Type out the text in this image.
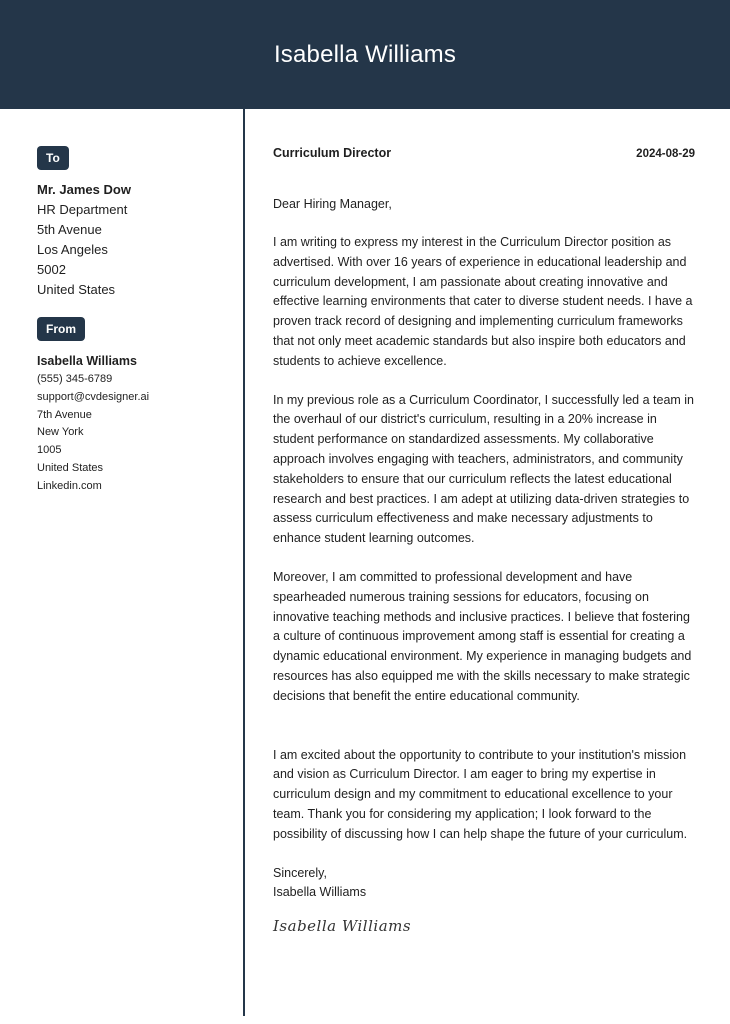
Isabella Williams
To
Mr. James Dow
HR Department
5th Avenue
Los Angeles
5002
United States
From
Isabella Williams
(555) 345-6789
support@cvdesigner.ai
7th Avenue
New York
1005
United States
Linkedin.com
Curriculum Director	2024-08-29
Dear Hiring Manager,

I am writing to express my interest in the Curriculum Director position as advertised. With over 16 years of experience in educational leadership and curriculum development, I am passionate about creating innovative and effective learning environments that cater to diverse student needs. I have a proven track record of designing and implementing curriculum frameworks that not only meet academic standards but also inspire both educators and students to achieve excellence.

In my previous role as a Curriculum Coordinator, I successfully led a team in the overhaul of our district's curriculum, resulting in a 20% increase in student performance on standardized assessments. My collaborative approach involves engaging with teachers, administrators, and community stakeholders to ensure that our curriculum reflects the latest educational research and best practices. I am adept at utilizing data-driven strategies to assess curriculum effectiveness and make necessary adjustments to enhance student learning outcomes.

Moreover, I am committed to professional development and have spearheaded numerous training sessions for educators, focusing on innovative teaching methods and inclusive practices. I believe that fostering a culture of continuous improvement among staff is essential for creating a dynamic educational environment. My experience in managing budgets and resources has also equipped me with the skills necessary to make strategic decisions that benefit the entire educational community.

I am excited about the opportunity to contribute to your institution's mission and vision as Curriculum Director. I am eager to bring my expertise in curriculum design and my commitment to educational excellence to your team. Thank you for considering my application; I look forward to the possibility of discussing how I can help shape the future of your curriculum.

Sincerely,
Isabella Williams
Isabella Williams
